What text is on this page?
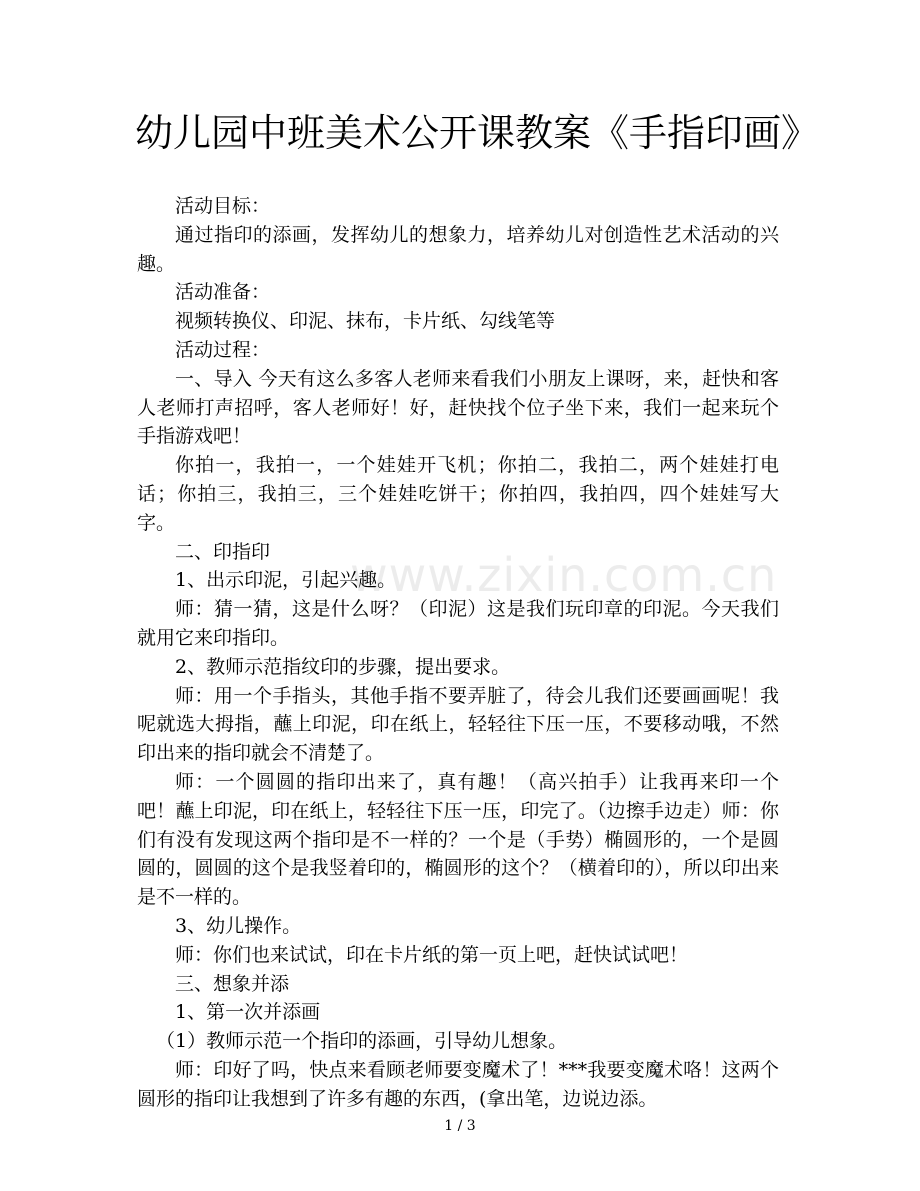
www.zixin.com.cn
幼儿园中班美术公开课教案《手指印画》

活动目标：

通过指印的添画，发挥幼儿的想象力，培养幼儿对创造性艺术活动的兴趣。

活动准备：

视频转换仪、印泥、抹布，卡片纸、勾线笔等

活动过程：

一、导入 今天有这么多客人老师来看我们小朋友上课呀，来，赶快和客人老师打声招呼，客人老师好！好，赶快找个位子坐下来，我们一起来玩个手指游戏吧！

你拍一，我拍一，一个娃娃开飞机；你拍二，我拍二，两个娃娃打电话；你拍三，我拍三，三个娃娃吃饼干；你拍四，我拍四，四个娃娃写大字。

二、印指印

1、出示印泥，引起兴趣。

师：猜一猜，这是什么呀？（印泥）这是我们玩印章的印泥。今天我们就用它来印指印。

2、教师示范指纹印的步骤，提出要求。

师：用一个手指头，其他手指不要弄脏了，待会儿我们还要画画呢！我呢就选大拇指，蘸上印泥，印在纸上，轻轻往下压一压，不要移动哦，不然印出来的指印就会不清楚了。

师：一个圆圆的指印出来了，真有趣！（高兴拍手）让我再来印一个吧！蘸上印泥，印在纸上，轻轻往下压一压，印完了。（边擦手边走）师：你们有没有发现这两个指印是不一样的？一个是（手势）椭圆形的，一个是圆圆的，圆圆的这个是我竖着印的，椭圆形的这个？（横着印的），所以印出来是不一样的。

3、幼儿操作。

师：你们也来试试，印在卡片纸的第一页上吧，赶快试试吧！

三、想象并添

1、第一次并添画

（1）教师示范一个指印的添画，引导幼儿想象。

师：印好了吗，快点来看顾老师要变魔术了！***我要变魔术咯！这两个圆形的指印让我想到了许多有趣的东西，(拿出笔，边说边添。

1 / 3
